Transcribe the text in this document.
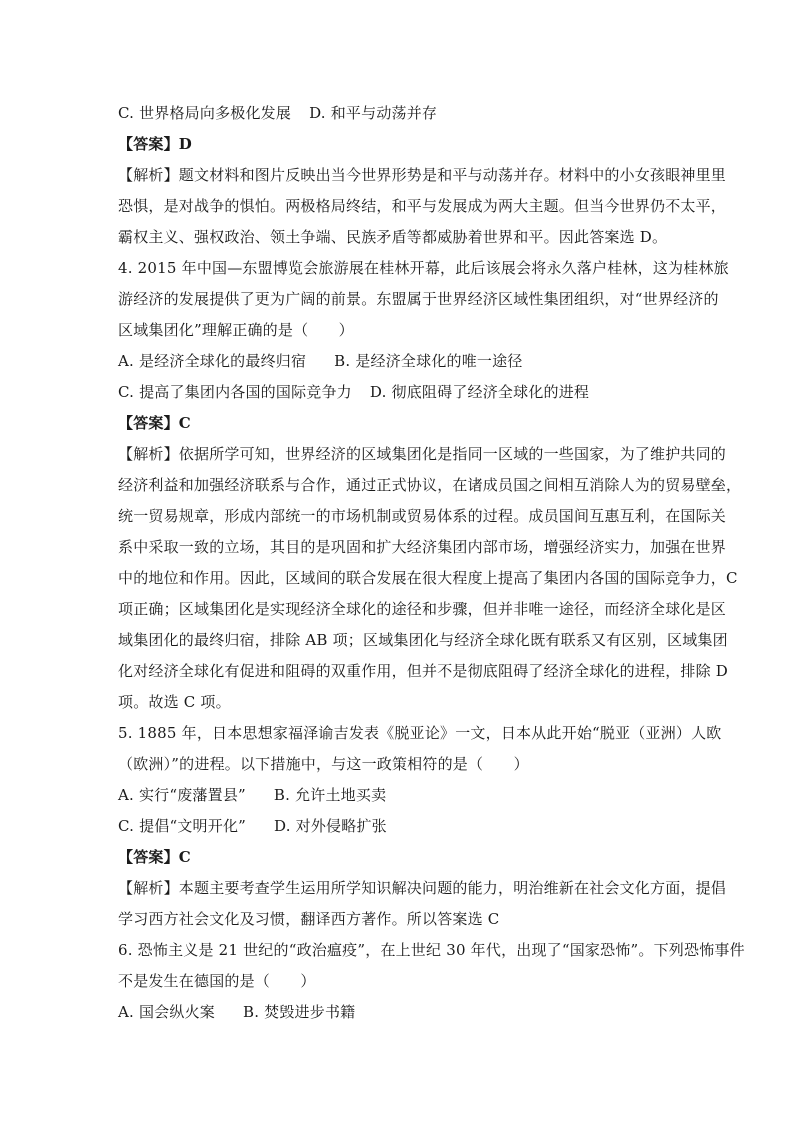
C. 世界格局向多极化发展 D. 和平与动荡并存
【答案】D
【解析】题文材料和图片反映出当今世界形势是和平与动荡并存。材料中的小女孩眼神里里
恐惧，是对战争的惧怕。两极格局终结，和平与发展成为两大主题。但当今世界仍不太平，
霸权主义、强权政治、领土争端、民族矛盾等都威胁着世界和平。因此答案选 D。
4. 2015 年中国—东盟博览会旅游展在桂林开幕，此后该展会将永久落户桂林，这为桂林旅
游经济的发展提供了更为广阔的前景。东盟属于世界经济区域性集团组织，对“世界经济的
区域集团化”理解正确的是（　　）
A. 是经济全球化的最终归宿 B. 是经济全球化的唯一途径
C. 提高了集团内各国的国际竞争力 D. 彻底阻碍了经济全球化的进程
【答案】C
【解析】依据所学可知，世界经济的区域集团化是指同一区域的一些国家，为了维护共同的
经济利益和加强经济联系与合作，通过正式协议，在诸成员国之间相互消除人为的贸易壁垒，
统一贸易规章，形成内部统一的市场机制或贸易体系的过程。成员国间互惠互利，在国际关
系中采取一致的立场，其目的是巩固和扩大经济集团内部市场，增强经济实力，加强在世界
中的地位和作用。因此，区域间的联合发展在很大程度上提高了集团内各国的国际竞争力，C
项正确；区域集团化是实现经济全球化的途径和步骤，但并非唯一途径，而经济全球化是区
域集团化的最终归宿，排除 AB 项；区域集团化与经济全球化既有联系又有区别，区域集团
化对经济全球化有促进和阻碍的双重作用，但并不是彻底阻碍了经济全球化的进程，排除 D
项。故选 C 项。
5. 1885 年，日本思想家福泽谕吉发表《脱亚论》一文，日本从此开始“脱亚（亚洲）人欧
（欧洲）”的进程。以下措施中，与这一政策相符的是（　　）
A. 实行“废藩置县” B. 允许土地买卖
C. 提倡“文明开化” D. 对外侵略扩张
【答案】C
【解析】本题主要考查学生运用所学知识解决问题的能力，明治维新在社会文化方面，提倡
学习西方社会文化及习惯，翻译西方著作。所以答案选 C
6. 恐怖主义是 21 世纪的“政治瘟疫”，在上世纪 30 年代，出现了“国家恐怖”。下列恐怖事件
不是发生在德国的是（　　）
A. 国会纵火案 B. 焚毁进步书籍
